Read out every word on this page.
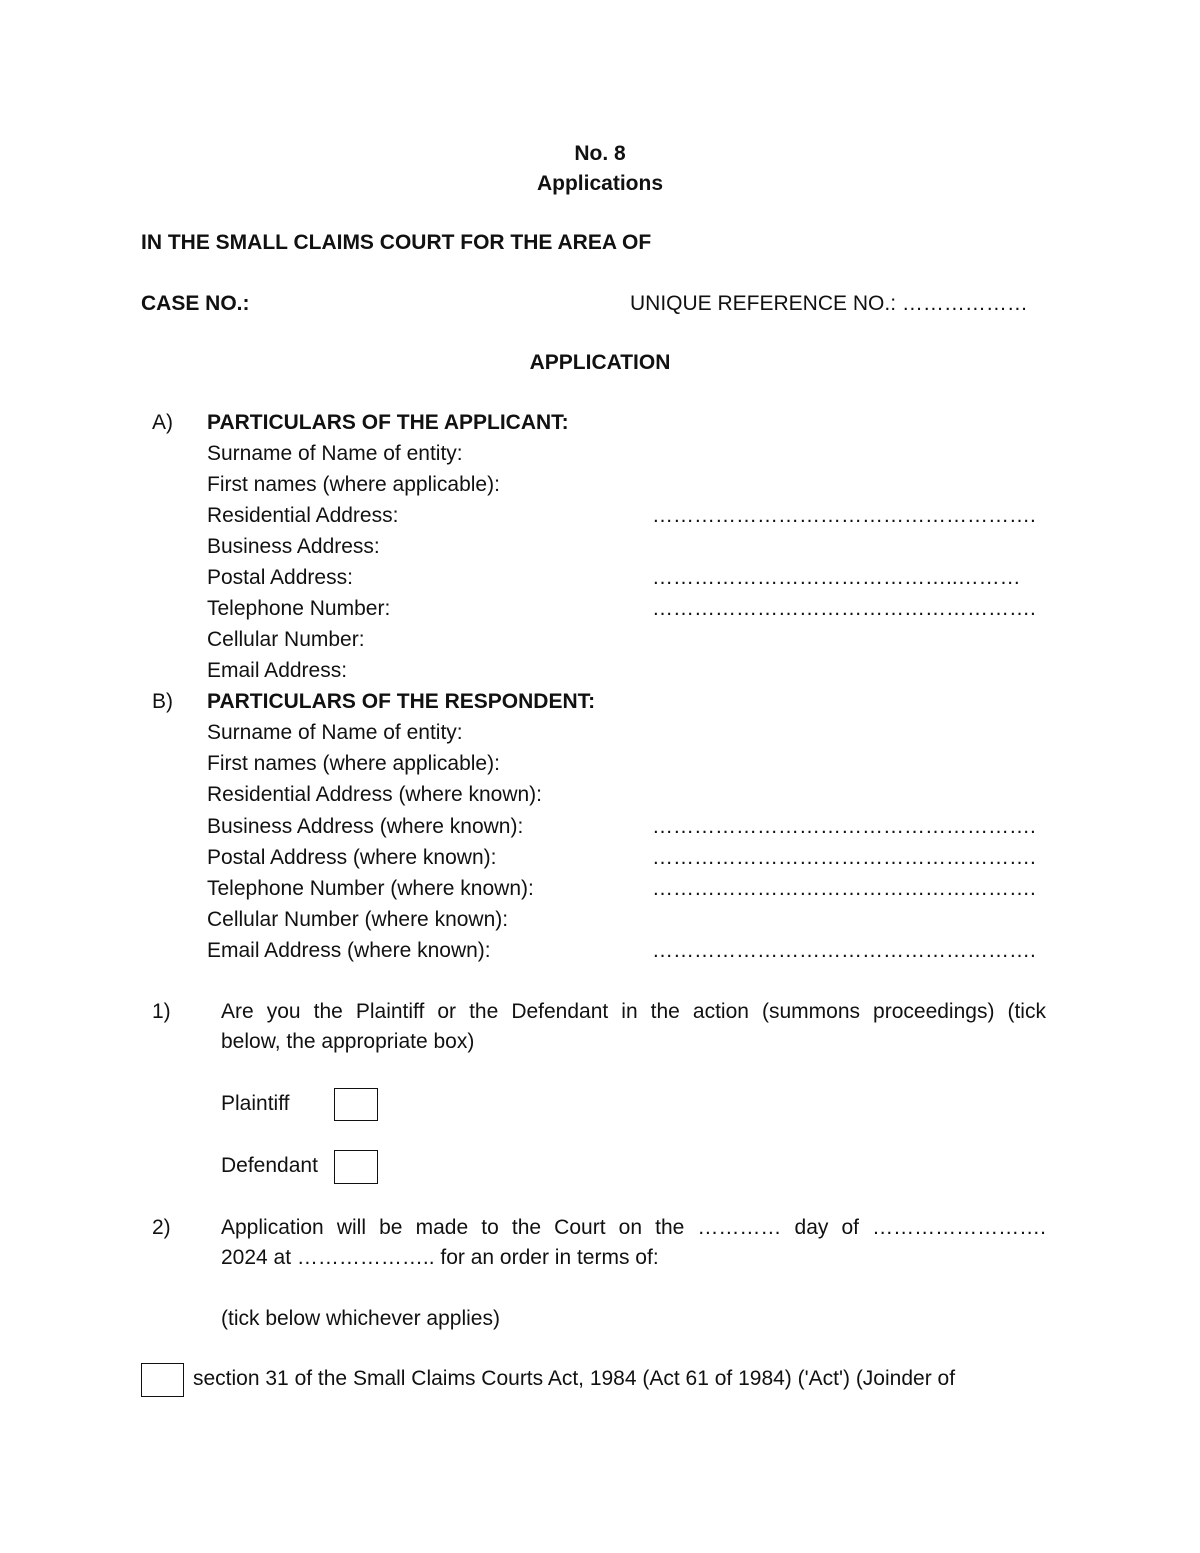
No. 8
Applications
IN THE SMALL CLAIMS COURT FOR THE AREA OF
CASE NO.:	UNIQUE REFERENCE NO.: ………………
APPLICATION
A) PARTICULARS OF THE APPLICANT:
Surname of Name of entity:
First names (where applicable):
Residential Address:	……………………………………………….
Business Address:
Postal Address:	……………………………………..………
Telephone Number:	……………………………………………….
Cellular Number:
Email Address:
B) PARTICULARS OF THE RESPONDENT:
Surname of Name of entity:
First names (where applicable):
Residential Address (where known):
Business Address (where known):	……………………………………………….
Postal Address (where known):	……………………………………………….
Telephone Number (where known):	……………………………………………….
Cellular Number (where known):
Email Address (where known):	……………………………………………….
1) Are you the Plaintiff or the Defendant in the action (summons proceedings) (tick
below, the appropriate box)
Plaintiff
Defendant
2) Application will be made to the Court on the ………… day of …………………….
2024 at ……………….. for an order in terms of:
(tick below whichever applies)
section 31 of the Small Claims Courts Act, 1984 (Act 61 of 1984) ('Act') (Joinder of
